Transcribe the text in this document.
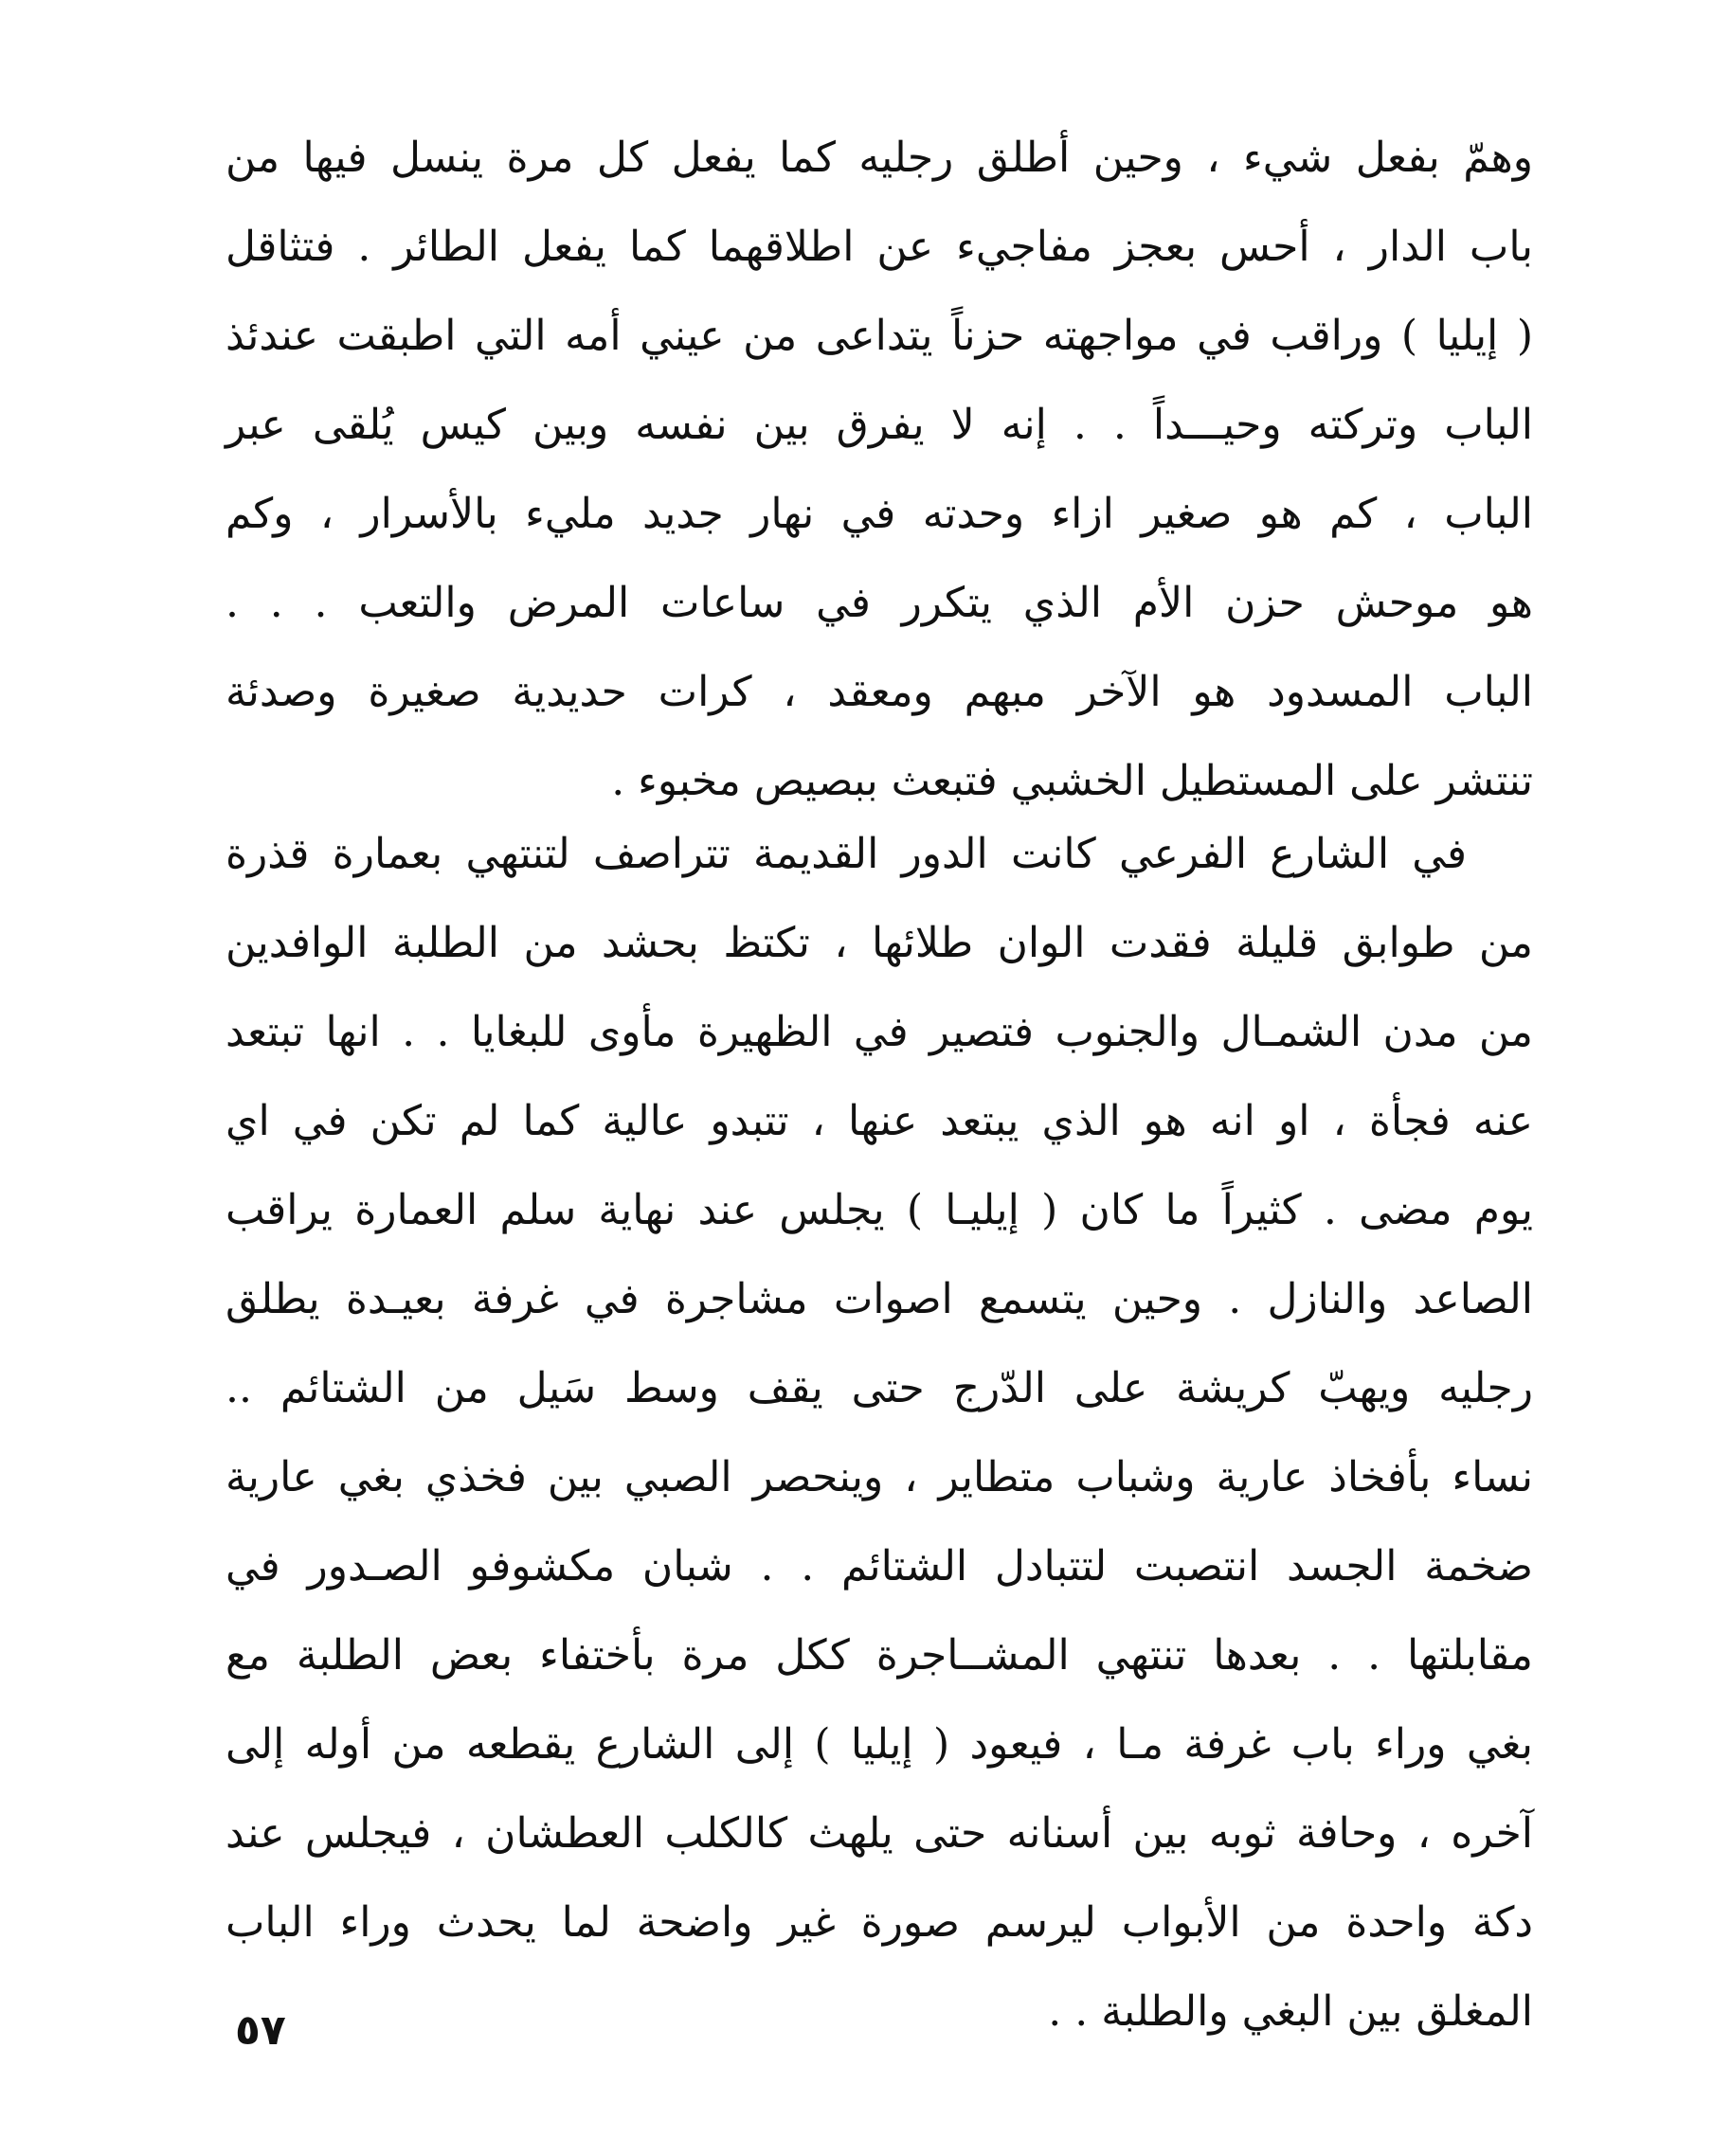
وهمّ بفعل شيء ، وحين أطلق رجليه كما يفعل كل مرة ينسل فيها من
باب الدار ، أحس بعجز مفاجيء عن اطلاقهما كما يفعل الطائر . فتثاقل
( إيليا ) وراقب في مواجهته حزناً يتداعى من عيني أمه التي اطبقت عندئذ
الباب وتركته وحيـــداً . . إنه لا يفرق بين نفسه وبين كيس يُلقى عبر
الباب ، كم هو صغير ازاء وحدته في نهار جديد مليء بالأسرار ، وكم
هو موحش حزن الأم الذي يتكرر في ساعات المرض والتعب . . .
الباب المسدود هو الآخر مبهم ومعقد ، كرات حديدية صغيرة وصدئة
تنتشر على المستطيل الخشبي فتبعث ببصيص مخبوء .
في الشارع الفرعي كانت الدور القديمة تتراصف لتنتهي بعمارة قذرة
من طوابق قليلة فقدت الوان طلائها ، تكتظ بحشد من الطلبة الوافدين
من مدن الشمـال والجنوب فتصير في الظهيرة مأوى للبغايا . . انها تبتعد
عنه فجأة ، او انه هو الذي يبتعد عنها ، تتبدو عالية كما لم تكن في اي
يوم مضى . كثيراً ما كان ( إيليـا ) يجلس عند نهاية سلم العمارة يراقب
الصاعد والنازل . وحين يتسمع اصوات مشاجرة في غرفة بعيـدة يطلق
رجليه ويهبّ كريشة على الدّرج حتى يقف وسط سَيل من الشتائم ..
نساء بأفخاذ عارية وشباب متطاير ، وينحصر الصبي بين فخذي بغي عارية
ضخمة الجسد انتصبت لتتبادل الشتائم . . شبان مكشوفو الصـدور في
مقابلتها . . بعدها تنتهي المشــاجرة ككل مرة بأختفاء بعض الطلبة مع
بغي وراء باب غرفة مـا ، فيعود ( إيليا ) إلى الشارع يقطعه من أوله إلى
آخره ، وحافة ثوبه بين أسنانه حتى يلهث كالكلب العطشان ، فيجلس عند
دكة واحدة من الأبواب ليرسم صورة غير واضحة لما يحدث وراء الباب
المغلق بين البغي والطلبة . .
٥٧
